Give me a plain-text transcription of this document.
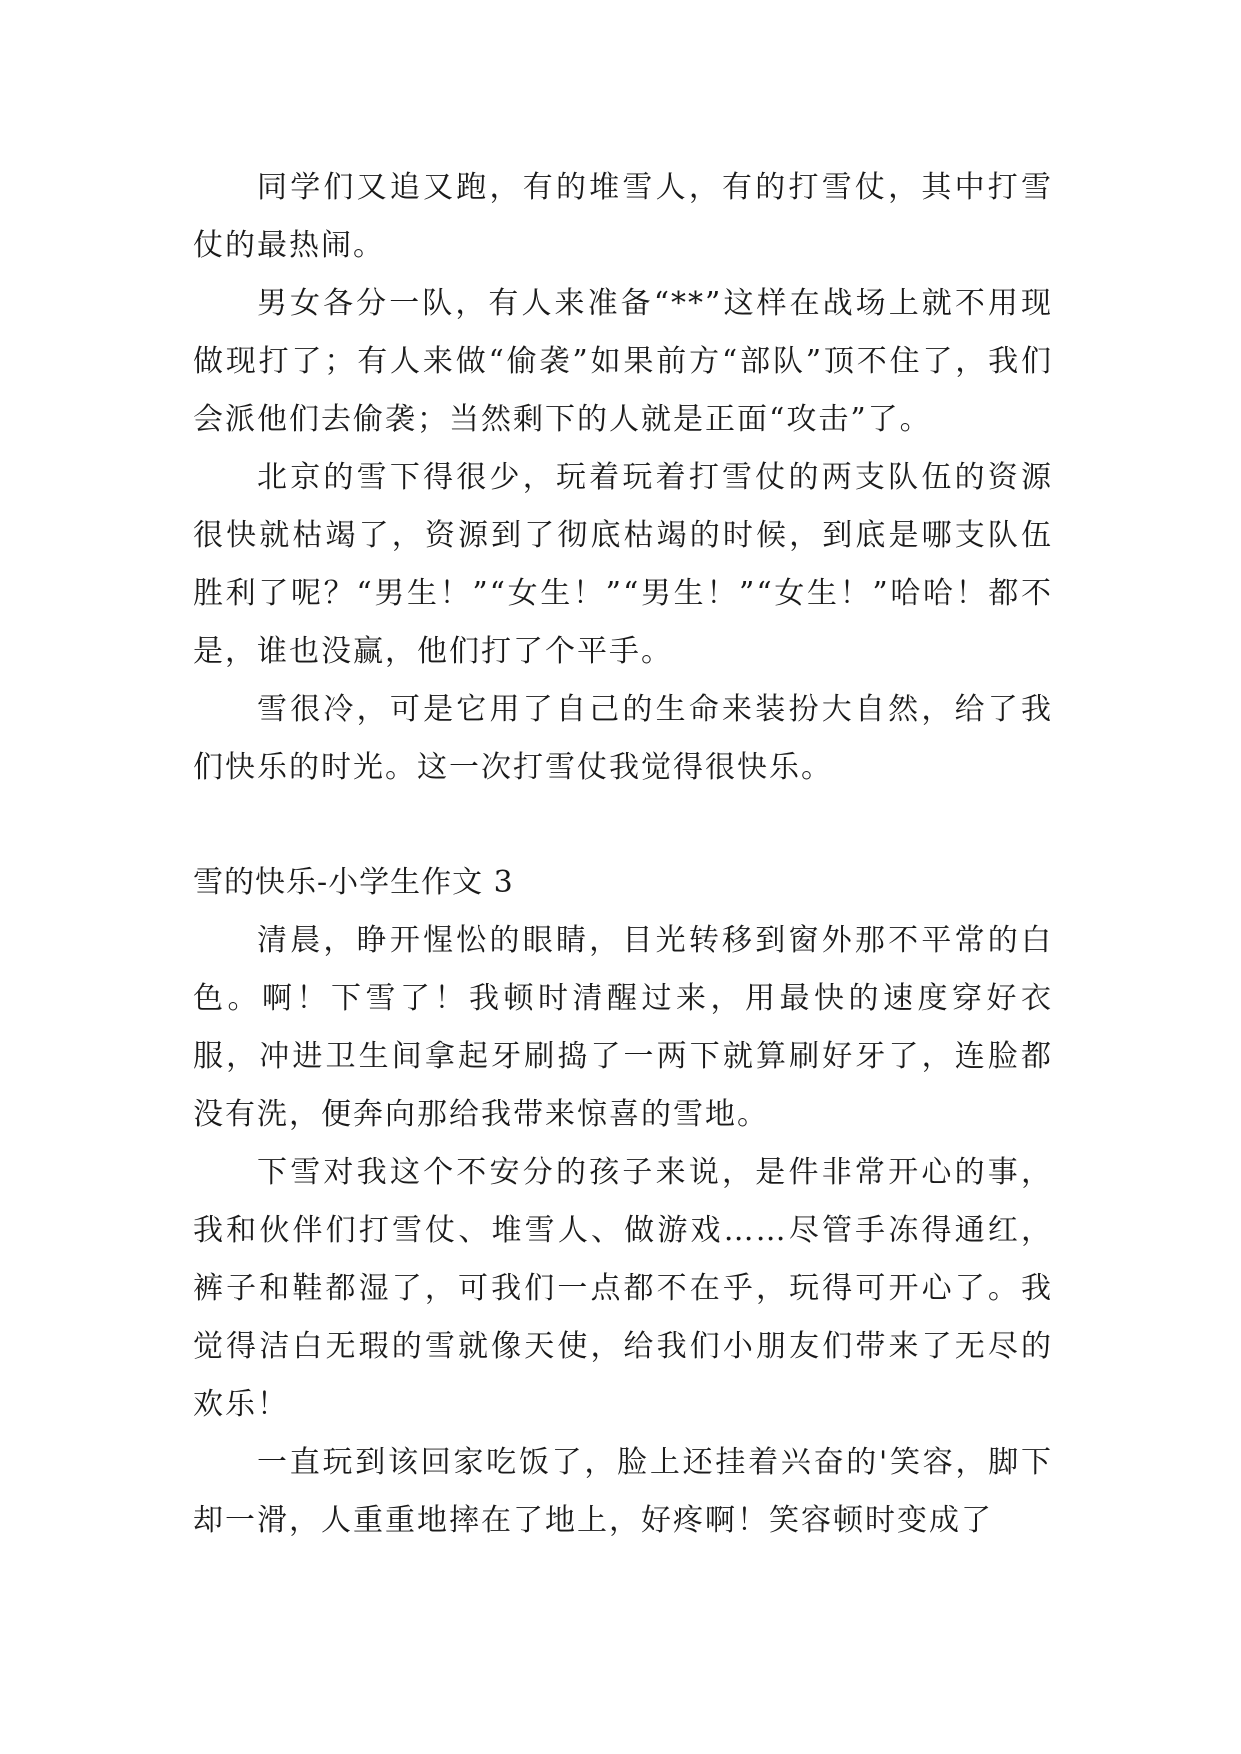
同学们又追又跑，有的堆雪人，有的打雪仗，其中打雪仗的最热闹。

男女各分一队，有人来准备“**”这样在战场上就不用现做现打了；有人来做“偷袭”如果前方“部队”顶不住了，我们会派他们去偷袭；当然剩下的人就是正面“攻击”了。

北京的雪下得很少，玩着玩着打雪仗的两支队伍的资源很快就枯竭了，资源到了彻底枯竭的时候，到底是哪支队伍胜利了呢？“男生！”“女生！”“男生！”“女生！”哈哈！都不是，谁也没赢，他们打了个平手。

雪很冷，可是它用了自己的生命来装扮大自然，给了我们快乐的时光。这一次打雪仗我觉得很快乐。

雪的快乐-小学生作文 3

清晨，睁开惺忪的眼睛，目光转移到窗外那不平常的白色。啊！下雪了！我顿时清醒过来，用最快的速度穿好衣服，冲进卫生间拿起牙刷捣了一两下就算刷好牙了，连脸都没有洗，便奔向那给我带来惊喜的雪地。

下雪对我这个不安分的孩子来说，是件非常开心的事，我和伙伴们打雪仗、堆雪人、做游戏……尽管手冻得通红，裤子和鞋都湿了，可我们一点都不在乎，玩得可开心了。我觉得洁白无瑕的雪就像天使，给我们小朋友们带来了无尽的欢乐！

一直玩到该回家吃饭了，脸上还挂着兴奋的'笑容，脚下却一滑，人重重地摔在了地上，好疼啊！笑容顿时变成了
